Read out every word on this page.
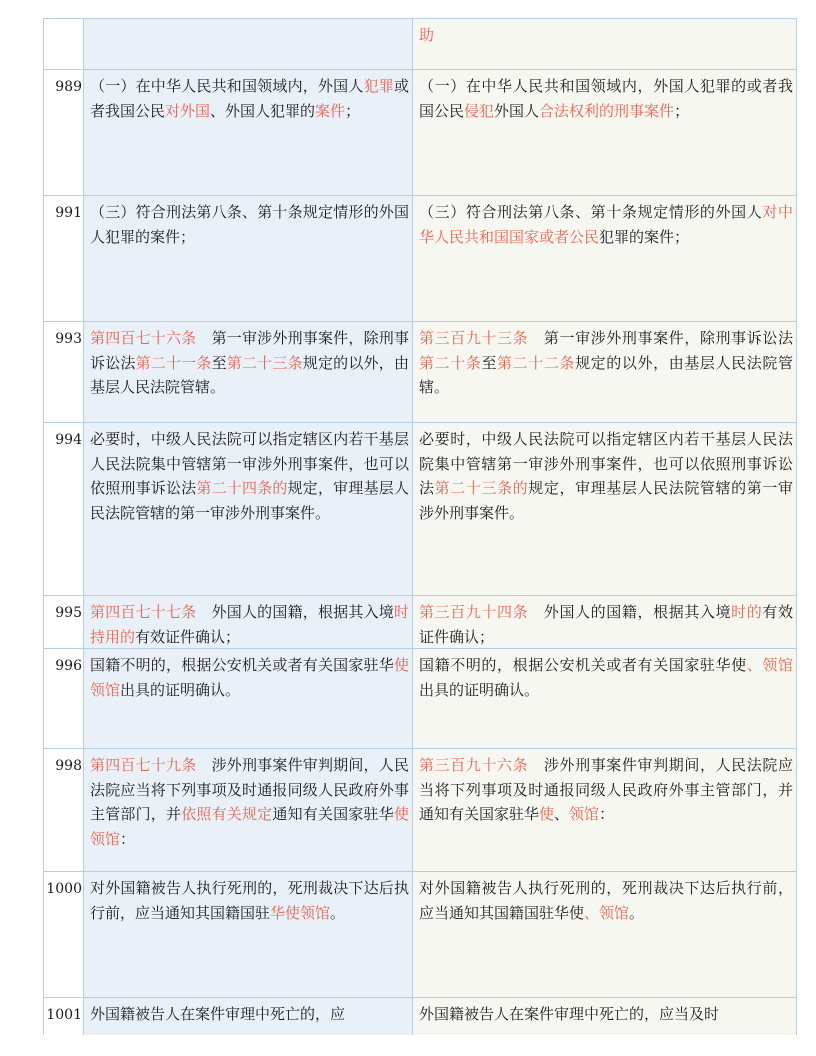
助
989 （一）在中华人民共和国领域内，外国人犯罪或者我国公民对外国、外国人犯罪的案件；
（一）在中华人民共和国领域内，外国人犯罪的或者我国公民侵犯外国人合法权利的刑事案件；
991 （三）符合刑法第八条、第十条规定情形的外国人犯罪的案件；
（三）符合刑法第八条、第十条规定情形的外国人对中华人民共和国国家或者公民犯罪的案件；
993 第四百七十六条　第一审涉外刑事案件，除刑事诉讼法第二十一条至第二十三条规定的以外，由基层人民法院管辖。
第三百九十三条　第一审涉外刑事案件，除刑事诉讼法第二十条至第二十二条规定的以外，由基层人民法院管辖。
994 必要时，中级人民法院可以指定辖区内若干基层人民法院集中管辖第一审涉外刑事案件，也可以依照刑事诉讼法第二十四条的规定，审理基层人民法院管辖的第一审涉外刑事案件。
必要时，中级人民法院可以指定辖区内若干基层人民法院集中管辖第一审涉外刑事案件，也可以依照刑事诉讼法第二十三条的规定，审理基层人民法院管辖的第一审涉外刑事案件。
995 第四百七十七条　外国人的国籍，根据其入境时持用的有效证件确认；
第三百九十四条　外国人的国籍，根据其入境时的有效证件确认；
996 国籍不明的，根据公安机关或者有关国家驻华使领馆出具的证明确认。
国籍不明的，根据公安机关或者有关国家驻华使、领馆出具的证明确认。
998 第四百七十九条　涉外刑事案件审判期间，人民法院应当将下列事项及时通报同级人民政府外事主管部门，并依照有关规定通知有关国家驻华使领馆：
第三百九十六条　涉外刑事案件审判期间，人民法院应当将下列事项及时通报同级人民政府外事主管部门，并通知有关国家驻华使、领馆：
1000 对外国籍被告人执行死刑的，死刑裁决下达后执行前，应当通知其国籍国驻华使领馆。
对外国籍被告人执行死刑的，死刑裁决下达后执行前，应当通知其国籍国驻华使、领馆。
1001 外国籍被告人在案件审理中死亡的，应	外国籍被告人在案件审理中死亡的，应当及时
